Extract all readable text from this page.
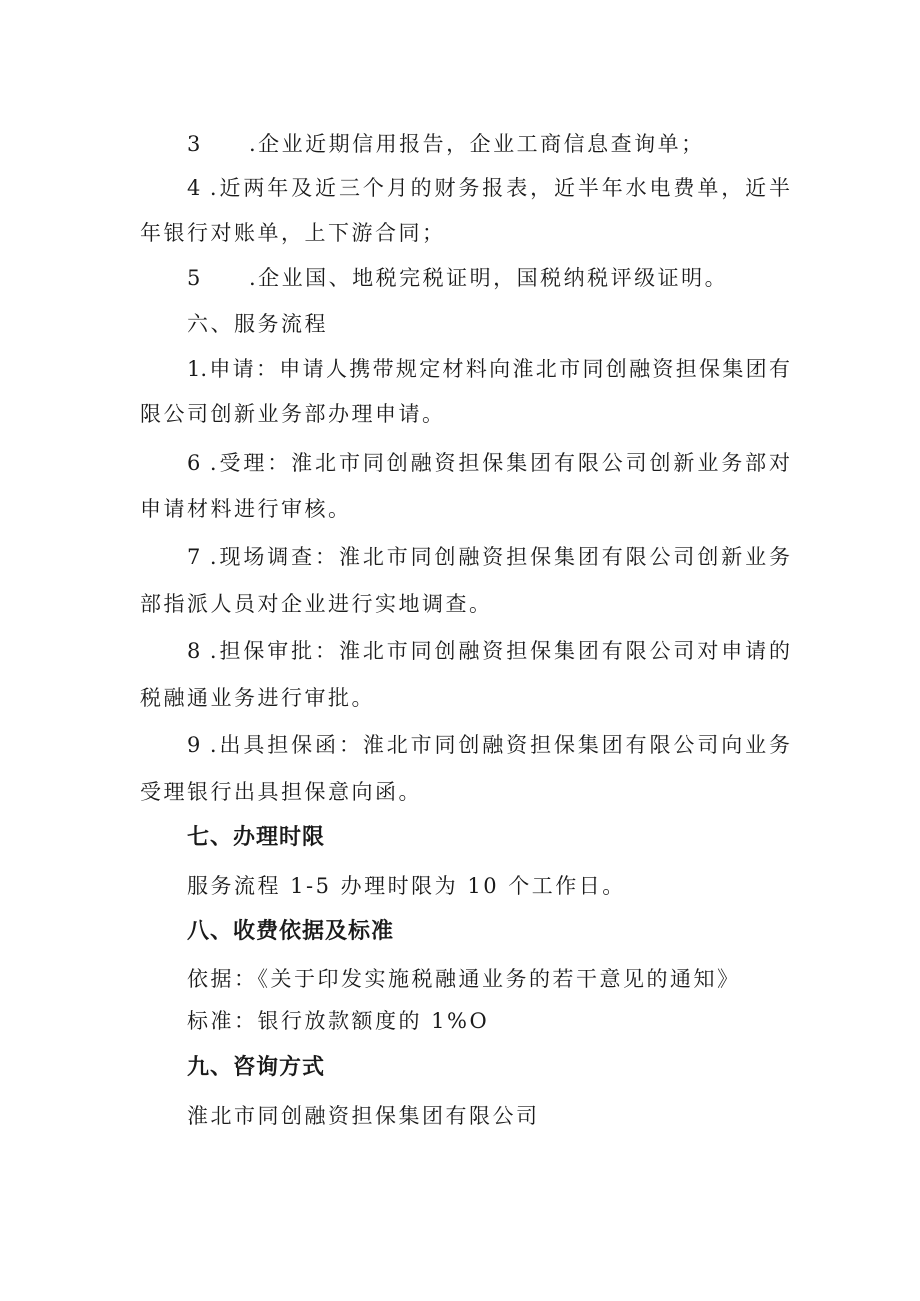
3 .企业近期信用报告，企业工商信息查询单；
4 .近两年及近三个月的财务报表，近半年水电费单，近半
年银行对账单，上下游合同；
5 .企业国、地税完税证明，国税纳税评级证明。
六、服务流程
1.申请：申请人携带规定材料向淮北市同创融资担保集团有
限公司创新业务部办理申请。
6 .受理：淮北市同创融资担保集团有限公司创新业务部对
申请材料进行审核。
7 .现场调查：淮北市同创融资担保集团有限公司创新业务
部指派人员对企业进行实地调查。
8 .担保审批：淮北市同创融资担保集团有限公司对申请的
税融通业务进行审批。
9 .出具担保函：淮北市同创融资担保集团有限公司向业务
受理银行出具担保意向函。
七、办理时限
服务流程 1-5 办理时限为 10 个工作日。
八、收费依据及标准
依据：《关于印发实施税融通业务的若干意见的通知》
标准：银行放款额度的 1%O
九、咨询方式
淮北市同创融资担保集团有限公司
